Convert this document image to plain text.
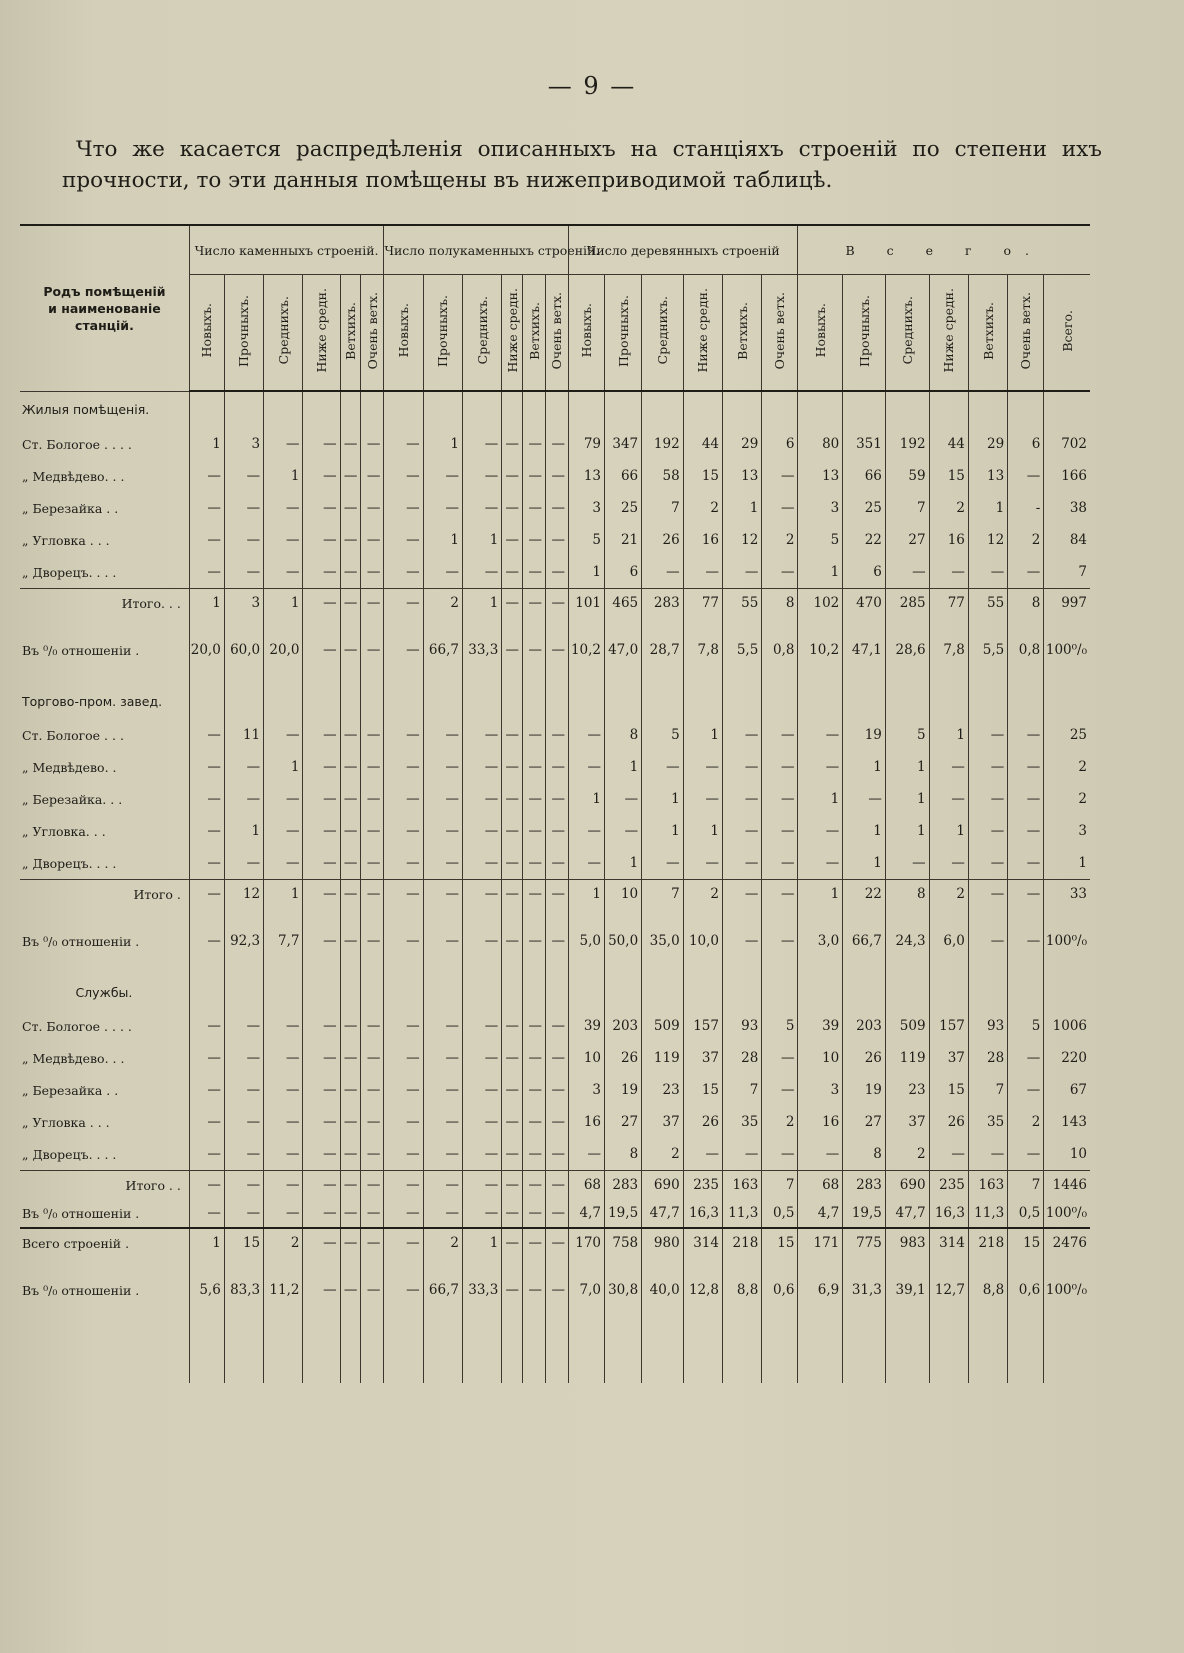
— 9 —
Что же касается распредѣленія описанныхъ на станціяхъ строеній по степени ихъ прочности, то эти данныя помѣщены въ нижеприводимой таблицѣ.
Родъ помѣщеній
и наименованіе
станцій.	Число каменныхъ строеній.						Число полукаменныхъ строеній.						Число деревянныхъ строеній						В с е г о.						
	Новыхъ.	Прочныхъ.	Среднихъ.	Ниже средн.	Ветхихъ.	Очень ветх.	Новыхъ.	Прочныхъ.	Среднихъ.	Ниже средн.	Ветхихъ.	Очень ветх.	Новыхъ.	Прочныхъ.	Среднихъ.	Ниже средн.	Ветхихъ.	Очень ветх.	Новыхъ.	Прочныхъ.	Среднихъ.	Ниже средн.	Ветхихъ.	Очень ветх.	Всего.
Жилыя помѣщенія.																									
Ст. Бологое . . . .	1	3	—	—	—	—	—	1	—	—	—	—	79	347	192	44	29	6	80	351	192	44	29	6	702
„ Медвѣдево. . .	—	—	1	—	—	—	—	—	—	—	—	—	13	66	58	15	13	—	13	66	59	15	13	—	166
„ Березайка . .	—	—	—	—	—	—	—	—	—	—	—	—	3	25	7	2	1	—	3	25	7	2	1	-	38
„ Угловка . . .	—	—	—	—	—	—	—	1	1	—	—	—	5	21	26	16	12	2	5	22	27	16	12	2	84
„ Дворецъ. . . .	—	—	—	—	—	—	—	—	—	—	—	—	1	6	—	—	—	—	1	6	—	—	—	—	7
Итого. . .	1	3	1	—	—	—	—	2	1	—	—	—	101	465	283	77	55	8	102	470	285	77	55	8	997
Въ ⁰/₀ отношеніи .	20,0	60,0	20,0	—	—	—	—	66,7	33,3	—	—	—	10,2	47,0	28,7	7,8	5,5	0,8	10,2	47,1	28,6	7,8	5,5	0,8	100⁰/₀
Торгово-пром. завед.																									
Ст. Бологое . . .	—	11	—	—	—	—	—	—	—	—	—	—	—	8	5	1	—	—	—	19	5	1	—	—	25
„ Медвѣдево. .	—	—	1	—	—	—	—	—	—	—	—	—	—	1	—	—	—	—	—	1	1	—	—	—	2
„ Березайка. . .	—	—	—	—	—	—	—	—	—	—	—	—	1	—	1	—	—	—	1	—	1	—	—	—	2
„ Угловка. . .	—	1	—	—	—	—	—	—	—	—	—	—	—	—	1	1	—	—	—	1	1	1	—	—	3
„ Дворецъ. . . .	—	—	—	—	—	—	—	—	—	—	—	—	—	1	—	—	—	—	—	1	—	—	—	—	1
Итого .	—	12	1	—	—	—	—	—	—	—	—	—	1	10	7	2	—	—	1	22	8	2	—	—	33
Въ ⁰/₀ отношеніи .	—	92,3	7,7	—	—	—	—	—	—	—	—	—	5,0	50,0	35,0	10,0	—	—	3,0	66,7	24,3	6,0	—	—	100⁰/₀
Службы.																									
Ст. Бологое . . . .	—	—	—	—	—	—	—	—	—	—	—	—	39	203	509	157	93	5	39	203	509	157	93	5	1006
„ Медвѣдево. . .	—	—	—	—	—	—	—	—	—	—	—	—	10	26	119	37	28	—	10	26	119	37	28	—	220
„ Березайка . .	—	—	—	—	—	—	—	—	—	—	—	—	3	19	23	15	7	—	3	19	23	15	7	—	67
„ Угловка . . .	—	—	—	—	—	—	—	—	—	—	—	—	16	27	37	26	35	2	16	27	37	26	35	2	143
„ Дворецъ. . . .	—	—	—	—	—	—	—	—	—	—	—	—	—	8	2	—	—	—	—	8	2	—	—	—	10
Итого . .	—	—	—	—	—	—	—	—	—	—	—	—	68	283	690	235	163	7	68	283	690	235	163	7	1446
Въ ⁰/₀ отношеніи .	—	—	—	—	—	—	—	—	—	—	—	—	4,7	19,5	47,7	16,3	11,3	0,5	4,7	19,5	47,7	16,3	11,3	0,5	100⁰/₀
Всего строеній .	1	15	2	—	—	—	—	2	1	—	—	—	170	758	980	314	218	15	171	775	983	314	218	15	2476
Въ ⁰/₀ отношеніи .	5,6	83,3	11,2	—	—	—	—	66,7	33,3	—	—	—	7,0	30,8	40,0	12,8	8,8	0,6	6,9	31,3	39,1	12,7	8,8	0,6	100⁰/₀
